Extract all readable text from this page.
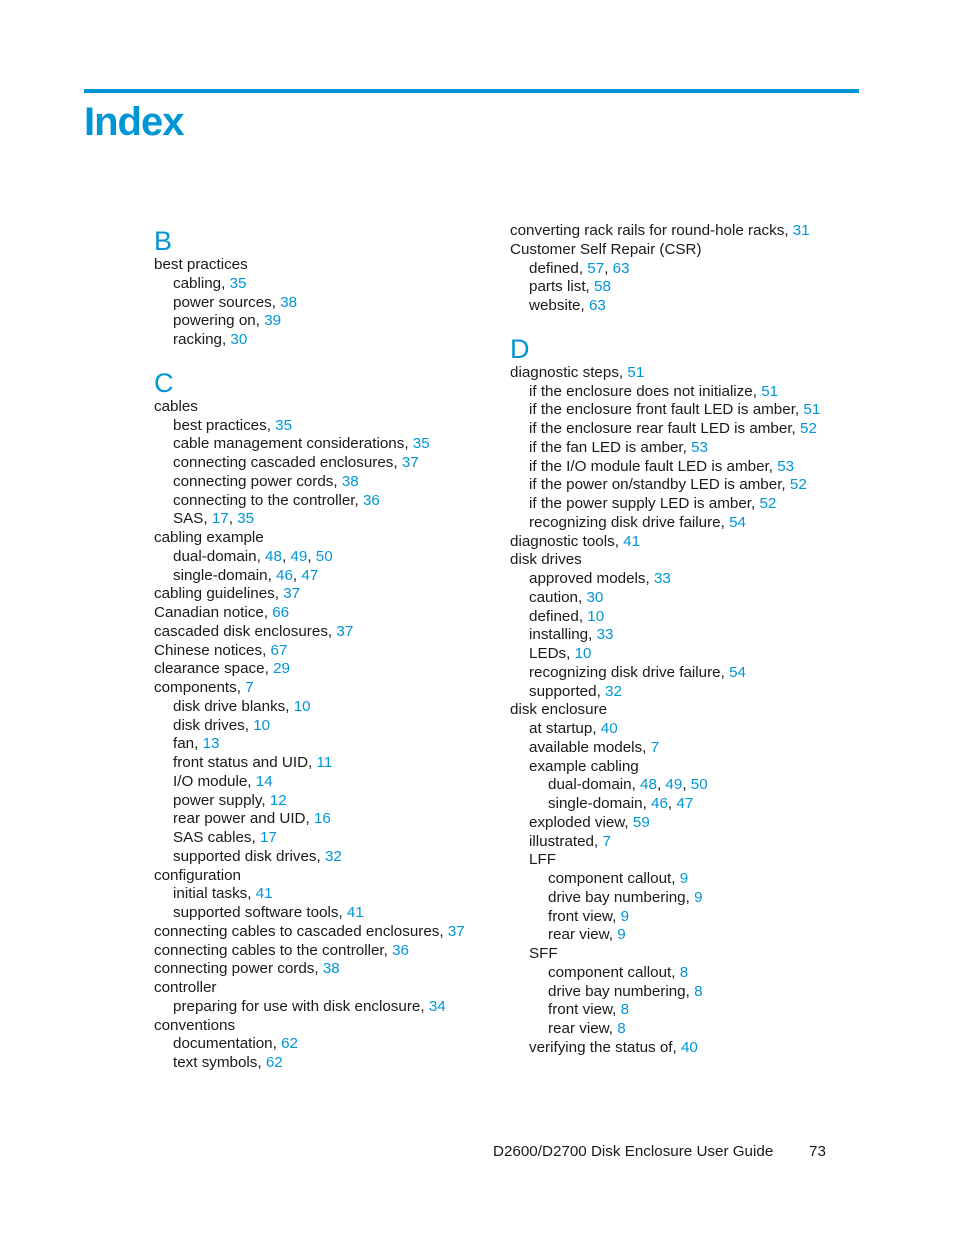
Index
B
best practices
cabling, 35
power sources, 38
powering on, 39
racking, 30
C
cables
best practices, 35
cable management considerations, 35
connecting cascaded enclosures, 37
connecting power cords, 38
connecting to the controller, 36
SAS, 17, 35
cabling example
dual-domain, 48, 49, 50
single-domain, 46, 47
cabling guidelines, 37
Canadian notice, 66
cascaded disk enclosures, 37
Chinese notices, 67
clearance space, 29
components, 7
disk drive blanks, 10
disk drives, 10
fan, 13
front status and UID, 11
I/O module, 14
power supply, 12
rear power and UID, 16
SAS cables, 17
supported disk drives, 32
configuration
initial tasks, 41
supported software tools, 41
connecting cables to cascaded enclosures, 37
connecting cables to the controller, 36
connecting power cords, 38
controller
preparing for use with disk enclosure, 34
conventions
documentation, 62
text symbols, 62
converting rack rails for round-hole racks, 31
Customer Self Repair (CSR)
defined, 57, 63
parts list, 58
website, 63
D
diagnostic steps, 51
if the enclosure does not initialize, 51
if the enclosure front fault LED is amber, 51
if the enclosure rear fault LED is amber, 52
if the fan LED is amber, 53
if the I/O module fault LED is amber, 53
if the power on/standby LED is amber, 52
if the power supply LED is amber, 52
recognizing disk drive failure, 54
diagnostic tools, 41
disk drives
approved models, 33
caution, 30
defined, 10
installing, 33
LEDs, 10
recognizing disk drive failure, 54
supported, 32
disk enclosure
at startup, 40
available models, 7
example cabling
dual-domain, 48, 49, 50
single-domain, 46, 47
exploded view, 59
illustrated, 7
LFF
component callout, 9
drive bay numbering, 9
front view, 9
rear view, 9
SFF
component callout, 8
drive bay numbering, 8
front view, 8
rear view, 8
verifying the status of, 40
D2600/D2700 Disk Enclosure User Guide 73
